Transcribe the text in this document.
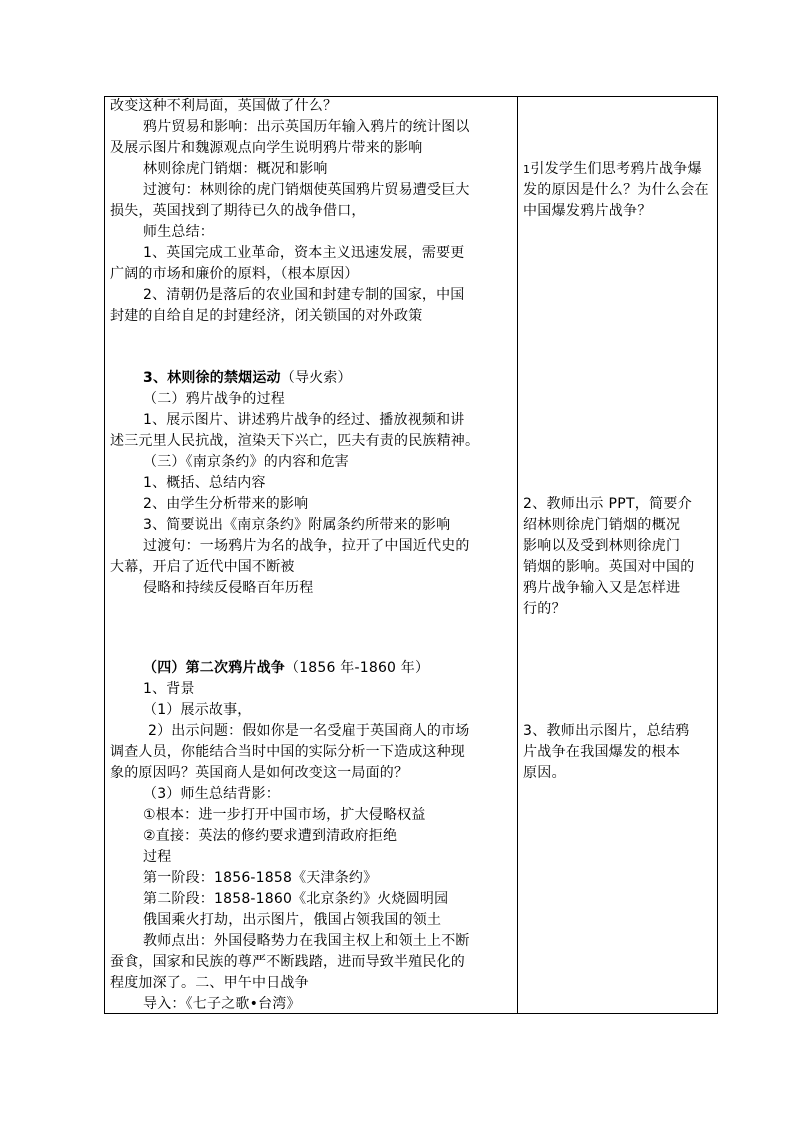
改变这种不利局面，英国做了什么？
鸦片贸易和影响：出示英国历年输入鸦片的统计图以
及展示图片和魏源观点向学生说明鸦片带来的影响
林则徐虎门销烟：概况和影响
过渡句：林则徐的虎门销烟使英国鸦片贸易遭受巨大
损失，英国找到了期待已久的战争借口，
师生总结：
1、英国完成工业革命，资本主义迅速发展，需要更
广阔的市场和廉价的原料，（根本原因）
2、清朝仍是落后的农业国和封建专制的国家，中国
封建的自给自足的封建经济，闭关锁国的对外政策
3、林则徐的禁烟运动（导火索）
（二）鸦片战争的过程
1、展示图片、讲述鸦片战争的经过、播放视频和讲
述三元里人民抗战，渲染天下兴亡，匹夫有责的民族精神。
（三）《南京条约》的内容和危害
1、概括、总结内容
2、由学生分析带来的影响
3、简要说出《南京条约》附属条约所带来的影响
过渡句：一场鸦片为名的战争，拉开了中国近代史的
大幕，开启了近代中国不断被
侵略和持续反侵略百年历程
（四）第二次鸦片战争（1856 年-1860 年）
1、背景
（1）展示故事，
2）出示问题：假如你是一名受雇于英国商人的市场
调查人员，你能结合当时中国的实际分析一下造成这种现
象的原因吗？英国商人是如何改变这一局面的？
（3）师生总结背影：
①根本：进一步打开中国市场，扩大侵略权益
②直接：英法的修约要求遭到清政府拒绝
过程
第一阶段：1856-1858《天津条约》
第二阶段：1858-1860《北京条约》火烧圆明园
俄国乘火打劫，出示图片，俄国占领我国的领土
教师点出：外国侵略势力在我国主权上和领土上不断
蚕食，国家和民族的尊严不断践踏，进而导致半殖民化的
程度加深了。二、甲午中日战争
导入：《七子之歌•台湾》
1引发学生们思考鸦片战争爆
发的原因是什么？为什么会在
中国爆发鸦片战争？
2、教师出示 PPT，简要介
绍林则徐虎门销烟的概况
影响以及受到林则徐虎门
销烟的影响。英国对中国的
鸦片战争输入又是怎样进
行的？
3、教师出示图片，总结鸦
片战争在我国爆发的根本
原因。
